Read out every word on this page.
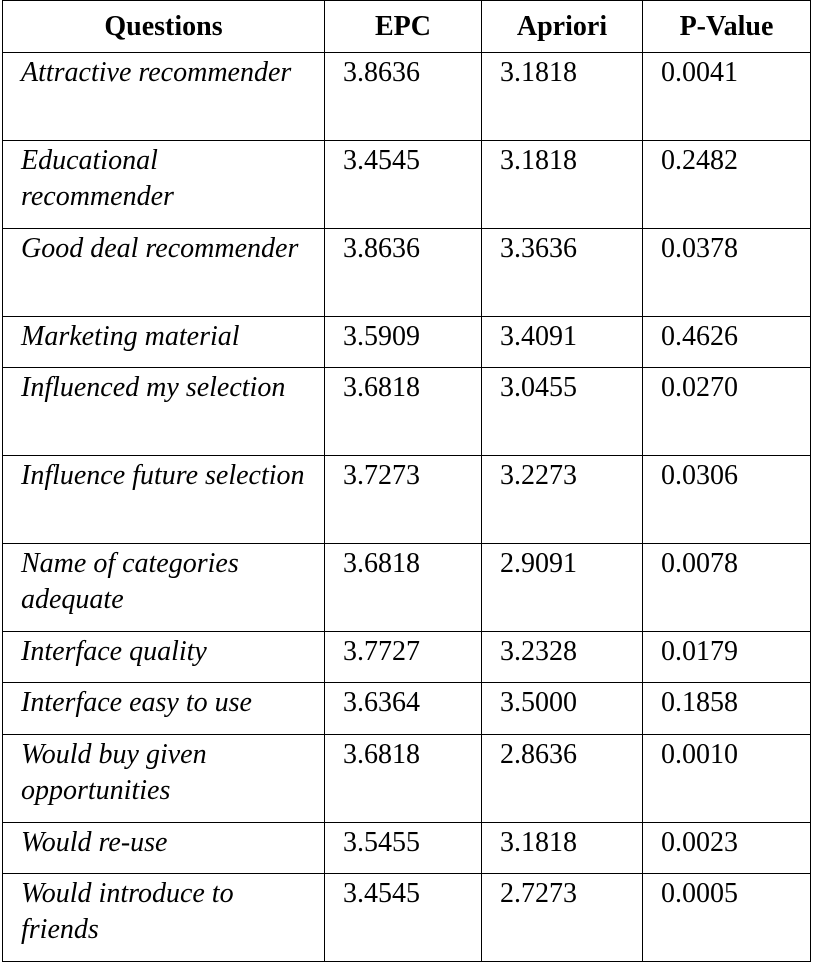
Questions	EPC	Apriori	P-Value
Attractive recommender	3.8636	3.1818	0.0041
Educational recommender	3.4545	3.1818	0.2482
Good deal recommender	3.8636	3.3636	0.0378
Marketing material	3.5909	3.4091	0.4626
Influenced my selection	3.6818	3.0455	0.0270
Influence future selection	3.7273	3.2273	0.0306
Name of categories adequate	3.6818	2.9091	0.0078
Interface quality	3.7727	3.2328	0.0179
Interface easy to use	3.6364	3.5000	0.1858
Would buy given opportunities	3.6818	2.8636	0.0010
Would re-use	3.5455	3.1818	0.0023
Would introduce to friends	3.4545	2.7273	0.0005
